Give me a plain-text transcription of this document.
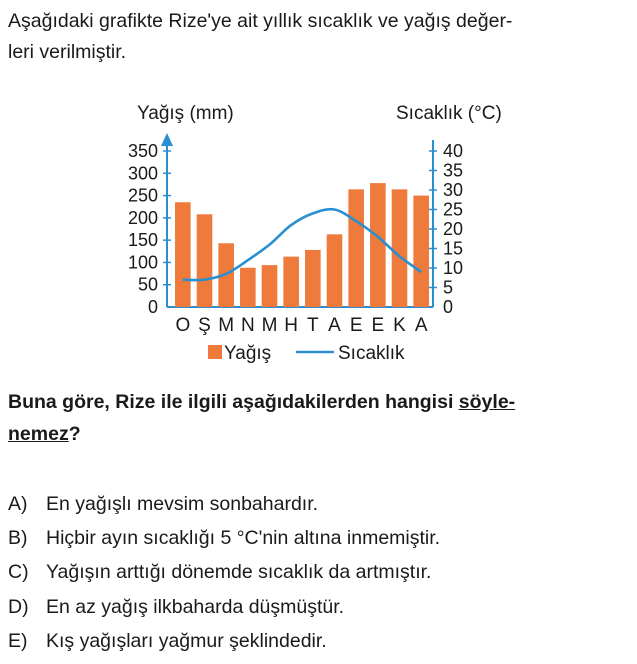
Aşağıdaki grafikte Rize'ye ait yıllık sıcaklık ve yağış değer-
leri verilmiştir.
0
50
100
150
200
250
300
350
0
5
10
15
20
25
30
35
40
Yağış (mm)	Sıcaklık (°C)
O Ş M N M H T A E E K A
Yağış	Sıcaklık
Buna göre, Rize ile ilgili aşağıdakilerden hangisi söyle-
nemez?
A) En yağışlı mevsim sonbahardır.
B) Hiçbir ayın sıcaklığı 5 °C'nin altına inmemiştir.
C) Yağışın arttığı dönemde sıcaklık da artmıştır.
D) En az yağış ilkbaharda düşmüştür.
E) Kış yağışları yağmur şeklindedir.
